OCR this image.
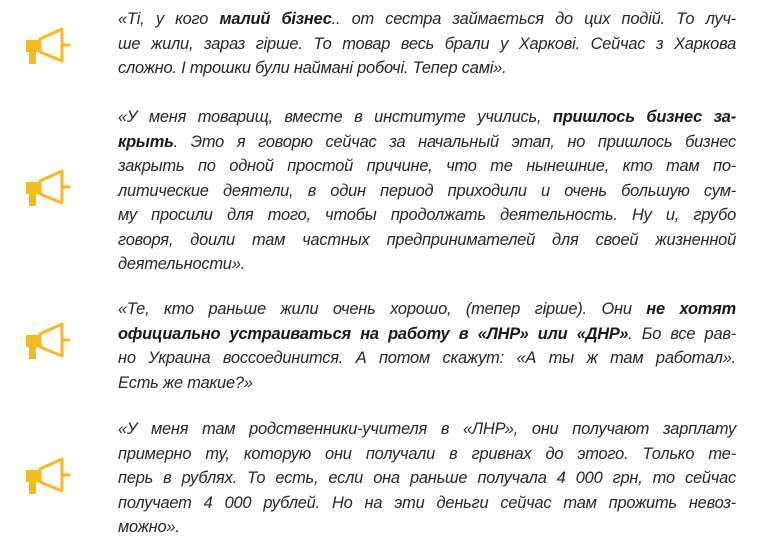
«Ті, у кого малий бізнес.. от сестра займається до цих подій. То луч-
ше жили, зараз гірше. То товар весь брали у Харкові. Сейчас з Харкова
сложно. І трошки були наймані робочі. Тепер самі».
«У меня товарищ, вместе в институте учились, пришлось бизнес за-
крыть. Это я говорю сейчас за начальный этап, но пришлось бизнес
закрыть по одной простой причине, что те нынешние, кто там по-
литические деятели, в один период приходили и очень большую сум-
му просили для того, чтобы продолжать деятельность. Ну и, грубо
говоря, доили там частных предпринимателей для своей жизненной
деятельности».
«Те, кто раньше жили очень хорошо, (тепер гірше). Они не хотят
официально устраиваться на работу в «ЛНР» или «ДНР». Бо все рав-
но Украина воссоединится. А потом скажут: «А ты ж там работал».
Есть же такие?»
«У меня там родственники-учителя в «ЛНР», они получают зарплату
примерно ту, которую они получали в гривнах до этого. Только те-
перь в рублях. То есть, если она раньше получала 4 000 грн, то сейчас
получает 4 000 рублей. Но на эти деньги сейчас там прожить невоз-
можно».
